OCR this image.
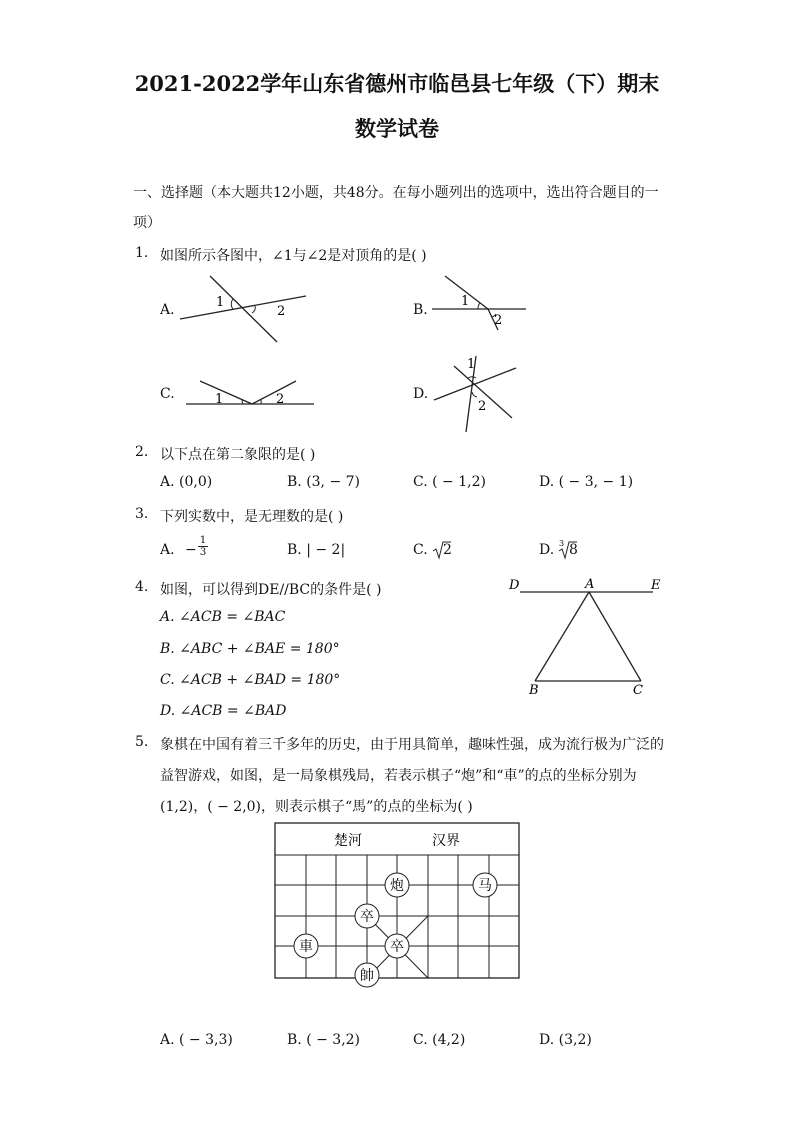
2021-2022学年山东省德州市临邑县七年级（下）期末
数学试卷
一、选择题（本大题共12小题，共48分。在每小题列出的选项中，选出符合题目的一
项）
1. 如图所示各图中，∠1与∠2是对顶角的是( )
A.	1
2	B.
1
2
C.	1	2	D.
1
2
2. 以下点在第二象限的是( )
A. (0,0)	B. (3, − 7)	C. ( − 1,2)	D. ( − 3, − 1)
3. 下列实数中，是无理数的是( )
A. − $\frac{1}{3}$	B. | − 2|	C. 2	D. 3 8
4. 如图，可以得到DE//BC的条件是( )
A. ∠ACB = ∠BAC
B. ∠ABC + ∠BAE = 180°
C. ∠ACB + ∠BAD = 180°
D. ∠ACB = ∠BAD
D	A	E
B	C
5. 象棋在中国有着三千多年的历史，由于用具简单，趣味性强，成为流行极为广泛的
益智游戏，如图，是一局象棋残局，若表示棋子“炮”和“車”的点的坐标分别为
(1,2)，( − 2,0)，则表示棋子“馬”的点的坐标为( )
楚河	汉界
炮	马
卒
車	卒
帥
A. ( − 3,3)	B. ( − 3,2)	C. (4,2)	D. (3,2)
